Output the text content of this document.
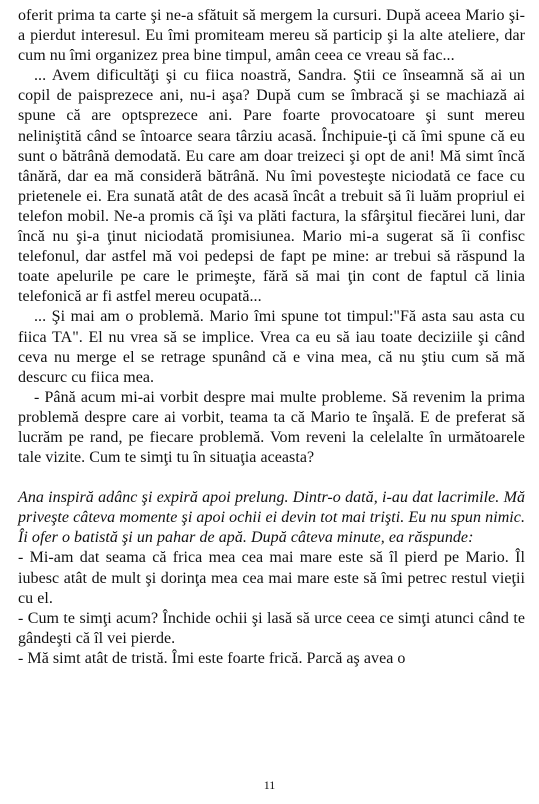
oferit prima ta carte şi ne-a sfătuit să mergem la cursuri. După aceea Mario şi-a pierdut interesul. Eu îmi promiteam mereu să particip şi la alte ateliere, dar cum nu îmi organizez prea bine timpul, amân ceea ce vreau să fac...

... Avem dificultăţi şi cu fiica noastră, Sandra. Ştii ce înseamnă să ai un copil de paisprezece ani, nu-i aşa? După cum se îmbracă şi se machiază ai spune că are optsprezece ani. Pare foarte provocatoare şi sunt mereu neliniştită când se întoarce seara târziu acasă. Închipuie-ţi că îmi spune că eu sunt o bătrână demodată. Eu care am doar treizeci şi opt de ani! Mă simt încă tânără, dar ea mă consideră bătrână. Nu îmi povesteşte niciodată ce face cu prietenele ei. Era sunată atât de des acasă încât a trebuit să îi luăm propriul ei telefon mobil. Ne-a promis că îşi va plăti factura, la sfârşitul fiecărei luni, dar încă nu şi-a ţinut niciodată promisiunea. Mario mi-a sugerat să îi confisc telefonul, dar astfel mă voi pedepsi de fapt pe mine: ar trebui să răspund la toate apelurile pe care le primeşte, fără să mai ţin cont de faptul că linia telefonică ar fi astfel mereu ocupată...

... Şi mai am o problemă. Mario îmi spune tot timpul:"Fă asta sau asta cu fiica TA". El nu vrea să se implice. Vrea ca eu să iau toate deciziile şi când ceva nu merge el se retrage spunând că e vina mea, că nu ştiu cum să mă descurc cu fiica mea.

- Până acum mi-ai vorbit despre mai multe probleme. Să revenim la prima problemă despre care ai vorbit, teama ta că Mario te înşală. E de preferat să lucrăm pe rand, pe fiecare problemă. Vom reveni la celelalte în următoarele tale vizite. Cum te simţi tu în situaţia aceasta?

Ana inspiră adânc şi expiră apoi prelung. Dintr-o dată, i-au dat lacrimile. Mă priveşte câteva momente şi apoi ochii ei devin tot mai trişti. Eu nu spun nimic. Îi ofer o batistă şi un pahar de apă. După câteva minute, ea răspunde:

- Mi-am dat seama că frica mea cea mai mare este să îl pierd pe Mario. Îl iubesc atât de mult şi dorinţa mea cea mai mare este să îmi petrec restul vieţii cu el.

- Cum te simţi acum? Închide ochii şi lasă să urce ceea ce simţi atunci când te gândeşti că îl vei pierde.

- Mă simt atât de tristă. Îmi este foarte frică. Parcă aş avea o

11
